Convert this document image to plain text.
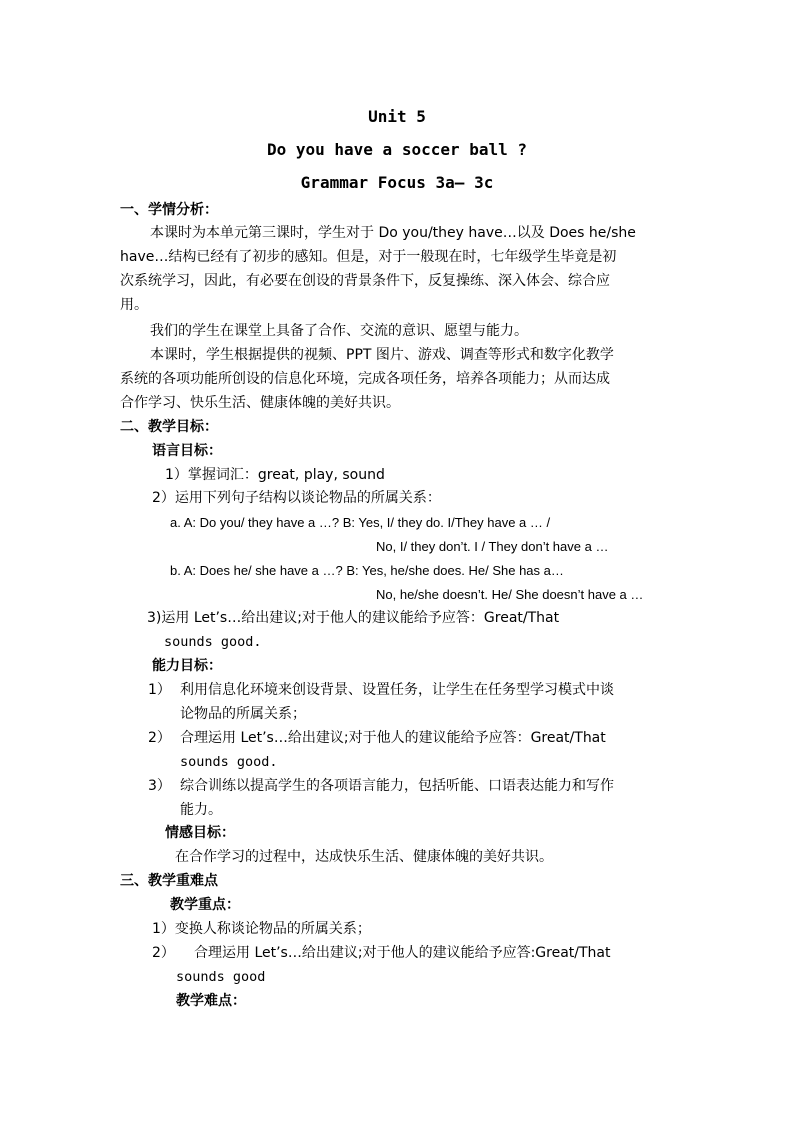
Unit 5
Do you have a soccer ball ?
Grammar Focus 3a– 3c
一、学情分析：
本课时为本单元第三课时，学生对于 Do you/they have…以及 Does he/she
have…结构已经有了初步的感知。但是，对于一般现在时，七年级学生毕竟是初
次系统学习，因此，有必要在创设的背景条件下，反复操练、深入体会、综合应
用。
我们的学生在课堂上具备了合作、交流的意识、愿望与能力。
本课时，学生根据提供的视频、PPT 图片、游戏、调查等形式和数字化教学
系统的各项功能所创设的信息化环境，完成各项任务，培养各项能力；从而达成
合作学习、快乐生活、健康体魄的美好共识。
二、教学目标：
语言目标：
1）掌握词汇：great, play, sound
2）运用下列句子结构以谈论物品的所属关系：
a. A: Do you/ they have a …? B: Yes, I/ they do. I/They have a … /
No, I/ they don’t. I / They don’t have a …
b. A: Does he/ she have a …? B: Yes, he/she does. He/ She has a…
No, he/she doesn’t. He/ She doesn’t have a …
3)运用 Let’s…给出建议;对于他人的建议能给予应答：Great/That
sounds good.
能力目标：
1） 利用信息化环境来创设背景、设置任务，让学生在任务型学习模式中谈
论物品的所属关系；
2） 合理运用 Let’s…给出建议;对于他人的建议能给予应答：Great/That
sounds good.
3） 综合训练以提高学生的各项语言能力，包括听能、口语表达能力和写作
能力。
情感目标：
在合作学习的过程中，达成快乐生活、健康体魄的美好共识。
三、教学重难点
教学重点：
1）变换人称谈论物品的所属关系；
2） 合理运用 Let’s…给出建议;对于他人的建议能给予应答:Great/That
sounds good
教学难点：
